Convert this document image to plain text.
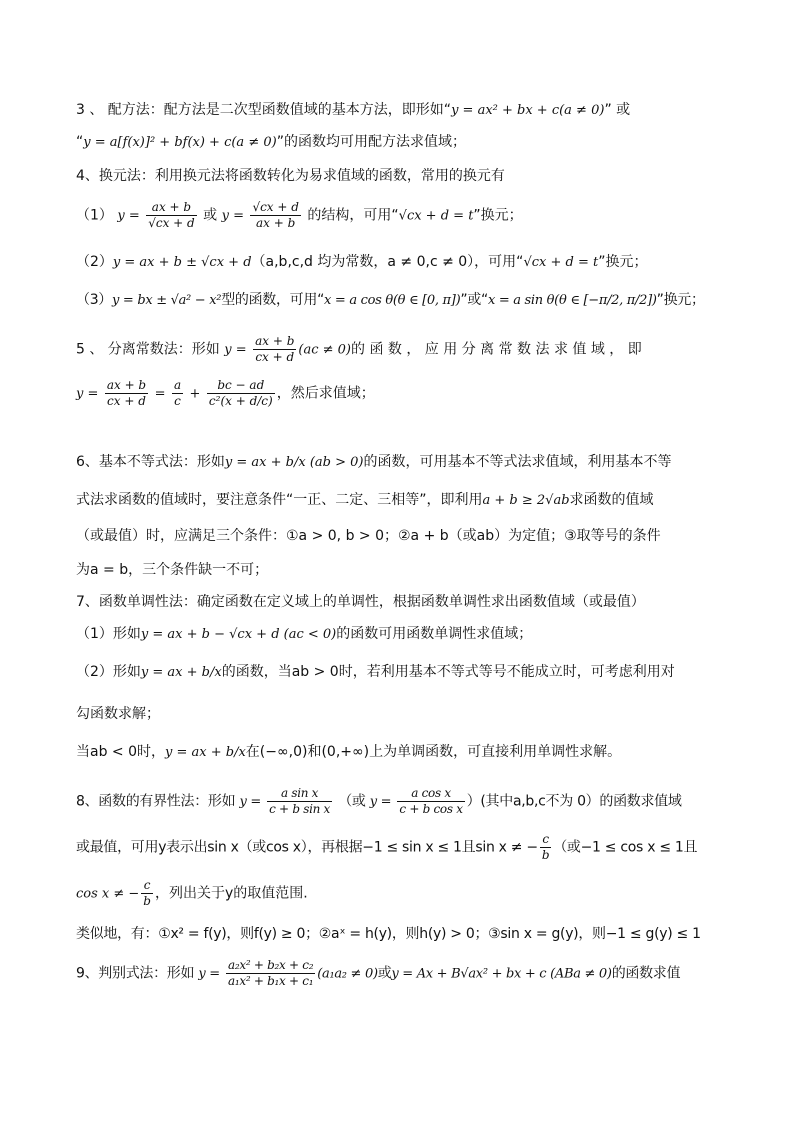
3 、 配方法：配方法是二次型函数值域的基本方法，即形如“y = ax² + bx + c(a ≠ 0)” 或
“y = a[f(x)]² + bf(x) + c(a ≠ 0)”的函数均可用配方法求值域；
4、换元法：利用换元法将函数转化为易求值域的函数，常用的换元有
（1） $y = \frac{ax + b}{√cx + d}$ 或 $y = \frac{√cx + d}{ax + b}$ 的结构，可用“√cx + d = t”换元；
（2）y = ax + b ± √cx + d（a,b,c,d 均为常数，a ≠ 0,c ≠ 0），可用“√cx + d = t”换元；
（3）y = bx ± √a² − x²型的函数，可用“x = a cos θ(θ ∈ [0, π])”或“x = a sin θ(θ ∈ [−π/2, π/2])”换元；
5 、 分离常数法：形如 $y = \frac{ax + b}{cx + d} (ac \ne 0)$的 函 数 ， 应 用 分 离 常 数 法 求 值 域 ， 即
$y = \frac{ax + b}{cx + d} = \frac{a}{c} + \frac{bc - ad}{\text{c²(x + d/c)}}$ ，然后求值域；
6、基本不等式法：形如y = ax + b/x (ab > 0)的函数，可用基本不等式法求值域，利用基本不等
式法求函数的值域时，要注意条件“一正、二定、三相等”，即利用a + b ≥ 2√ab求函数的值域
（或最值）时，应满足三个条件：①a > 0, b > 0；②a + b（或ab）为定值；③取等号的条件
为a = b，三个条件缺一不可；
7、函数单调性法：确定函数在定义域上的单调性，根据函数单调性求出函数值域（或最值）
（1）形如y = ax + b − √cx + d (ac < 0)的函数可用函数单调性求值域；
（2）形如y = ax + b/x的函数，当ab > 0时，若利用基本不等式等号不能成立时，可考虑利用对
勾函数求解；
当ab < 0时，y = ax + b/x在(−∞,0)和(0,+∞)上为单调函数，可直接利用单调性求解。
8、函数的有界性法：形如 $y = \frac{\text{a sin x}}{\text{c + b sin x}}$ （或 $y = \frac{\text{a cos x}}{\text{c + b cos x}}$ ）(其中a,b,c不为 0）的函数求值域
或最值，可用y表示出sin x（或cos x），再根据−1 ≤ sin x ≤ 1且sin x ≠ − $\frac{c}{b}$ （或−1 ≤ cos x ≤ 1且
cos x ≠ − $\frac{c}{b}$ ，列出关于y的取值范围.
类似地，有：①x² = f(y)，则f(y) ≥ 0；②aˣ = h(y)，则h(y) > 0；③sin x = g(y)，则−1 ≤ g(y) ≤ 1
9、判别式法：形如 $y = \frac{\text{a₂x² + b₂x + c₂}}{\text{a₁x² + b₁x + c₁}} (a_1a_2 \ne 0)$或y = Ax + B√ax² + bx + c (ABa ≠ 0)的函数求值
